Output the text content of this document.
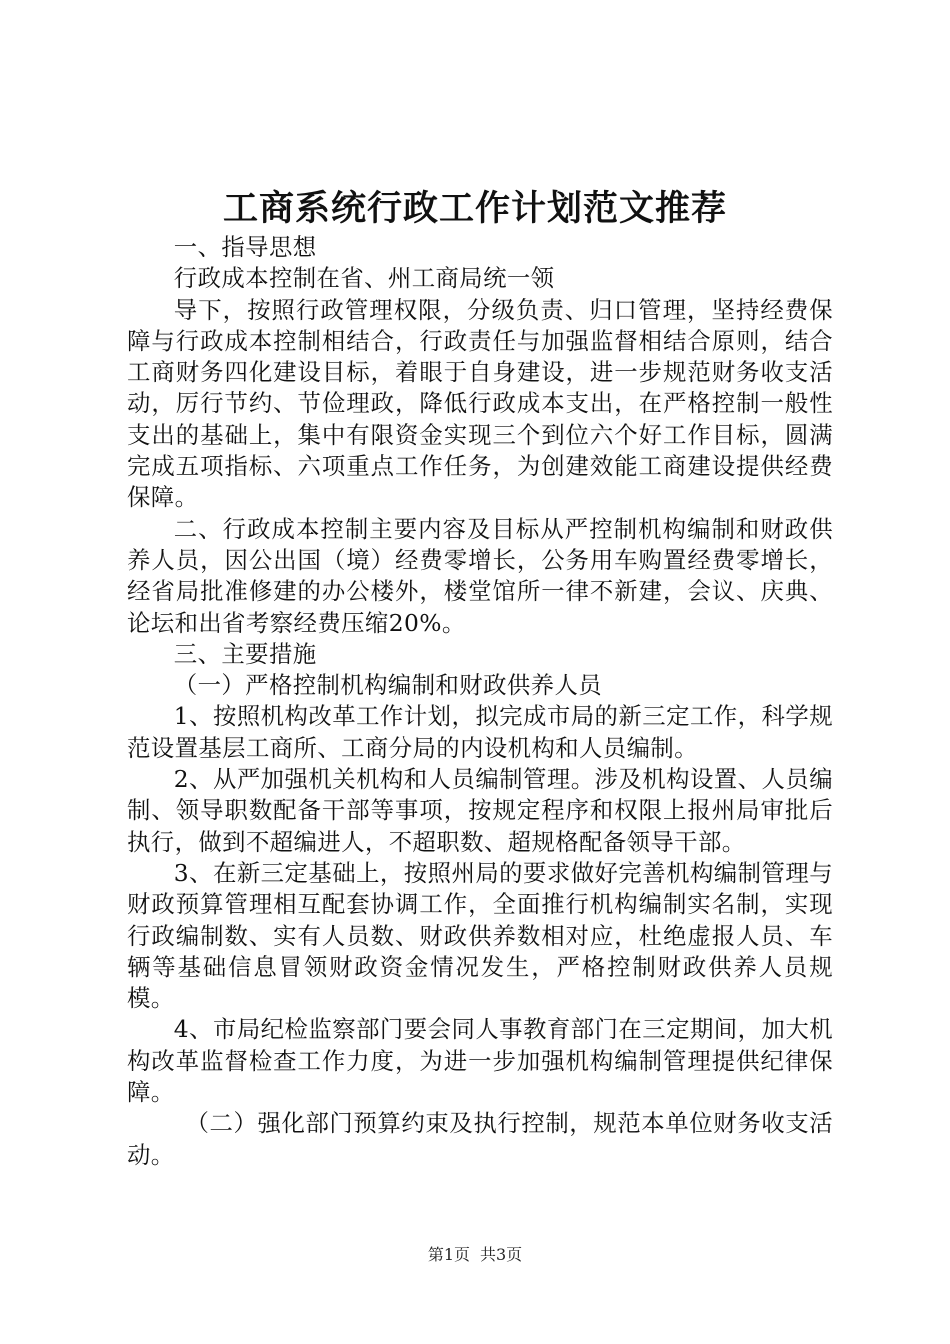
工商系统行政工作计划范文推荐

一、指导思想

行政成本控制在省、州工商局统一领

导下，按照行政管理权限，分级负责、归口管理，坚持经费保障与行政成本控制相结合，行政责任与加强监督相结合原则，结合工商财务四化建设目标，着眼于自身建设，进一步规范财务收支活动，厉行节约、节俭理政，降低行政成本支出，在严格控制一般性支出的基础上，集中有限资金实现三个到位六个好工作目标，圆满完成五项指标、六项重点工作任务，为创建效能工商建设提供经费保障。

二、行政成本控制主要内容及目标从严控制机构编制和财政供养人员，因公出国（境）经费零增长，公务用车购置经费零增长，经省局批准修建的办公楼外，楼堂馆所一律不新建，会议、庆典、论坛和出省考察经费压缩20%。

三、主要措施

（一）严格控制机构编制和财政供养人员

1、按照机构改革工作计划，拟完成市局的新三定工作，科学规范设置基层工商所、工商分局的内设机构和人员编制。

2、从严加强机关机构和人员编制管理。涉及机构设置、人员编制、领导职数配备干部等事项，按规定程序和权限上报州局审批后执行，做到不超编进人，不超职数、超规格配备领导干部。

3、在新三定基础上，按照州局的要求做好完善机构编制管理与财政预算管理相互配套协调工作，全面推行机构编制实名制，实现行政编制数、实有人员数、财政供养数相对应，杜绝虚报人员、车辆等基础信息冒领财政资金情况发生，严格控制财政供养人员规模。

4、市局纪检监察部门要会同人事教育部门在三定期间，加大机构改革监督检查工作力度，为进一步加强机构编制管理提供纪律保障。

（二）强化部门预算约束及执行控制，规范本单位财务收支活动。

第1页 共3页
